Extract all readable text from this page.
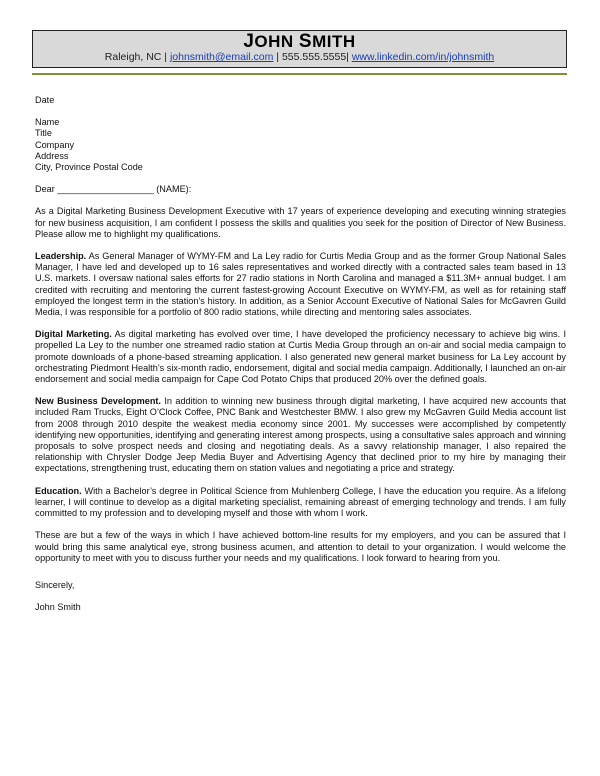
JOHN SMITH
Raleigh, NC | johnsmith@email.com | 555.555.5555| www.linkedin.com/in/johnsmith

Date

Name

Title

Company

Address

City, Province Postal Code

Dear ___________________ (NAME):

As a Digital Marketing Business Development Executive with 17 years of experience developing and executing winning strategies for new business acquisition, I am confident I possess the skills and qualities you seek for the position of Director of New Business. Please allow me to highlight my qualifications.

Leadership. As General Manager of WYMY-FM and La Ley radio for Curtis Media Group and as the former Group National Sales Manager, I have led and developed up to 16 sales representatives and worked directly with a contracted sales team based in 13 U.S. markets. I oversaw national sales efforts for 27 radio stations in North Carolina and managed a $11.3M+ annual budget. I am credited with recruiting and mentoring the current fastest-growing Account Executive on WYMY-FM, as well as for retaining staff employed the longest term in the station’s history. In addition, as a Senior Account Executive of National Sales for McGavren Guild Media, I was responsible for a portfolio of 800 radio stations, while directing and mentoring sales associates.

Digital Marketing. As digital marketing has evolved over time, I have developed the proficiency necessary to achieve big wins. I propelled La Ley to the number one streamed radio station at Curtis Media Group through an on-air and social media campaign to promote downloads of a phone-based streaming application. I also generated new general market business for La Ley account by orchestrating Piedmont Health’s six-month radio, endorsement, digital and social media campaign. Additionally, I launched an on-air endorsement and social media campaign for Cape Cod Potato Chips that produced 20% over the defined goals.

New Business Development. In addition to winning new business through digital marketing, I have acquired new accounts that included Ram Trucks, Eight O’Clock Coffee, PNC Bank and Westchester BMW. I also grew my McGavren Guild Media account list from 2008 through 2010 despite the weakest media economy since 2001. My successes were accomplished by competently identifying new opportunities, identifying and generating interest among prospects, using a consultative sales approach and winning proposals to solve prospect needs and closing and negotiating deals. As a savvy relationship manager, I also repaired the relationship with Chrysler Dodge Jeep Media Buyer and Advertising Agency that declined prior to my hire by managing their expectations, strengthening trust, educating them on station values and negotiating a price and strategy.

Education. With a Bachelor’s degree in Political Science from Muhlenberg College, I have the education you require. As a lifelong learner, I will continue to develop as a digital marketing specialist, remaining abreast of emerging technology and trends. I am fully committed to my profession and to developing myself and those with whom I work.

These are but a few of the ways in which I have achieved bottom-line results for my employers, and you can be assured that I would bring this same analytical eye, strong business acumen, and attention to detail to your organization. I would welcome the opportunity to meet with you to discuss further your needs and my qualifications. I look forward to hearing from you.

Sincerely,

John Smith
